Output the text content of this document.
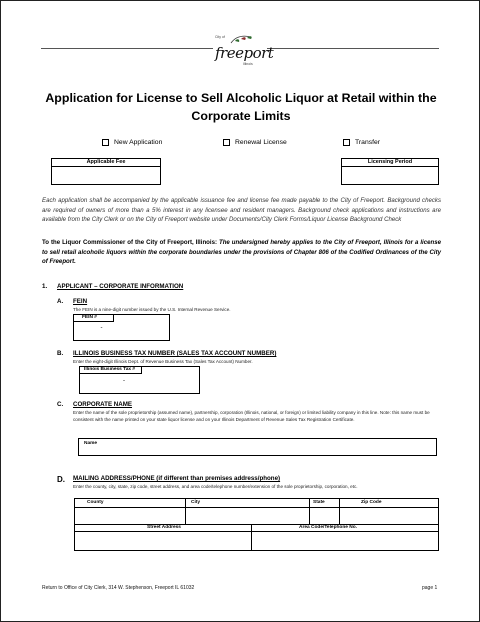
City of
freeport
Illinois
Application for License to Sell Alcoholic Liquor at Retail within the
Corporate Limits
New Application	Renewal License	Transfer
Applicable Fee	Licensing Period
Each application shall be accompanied by the applicable issuance fee and license fee made payable to the City of Freeport. Background checks are required of owners of more than a 5% interest in any licensee and resident managers. Background check applications and instructions are available from the City Clerk or on the City of Freeport website under Documents/City Clerk Forms/Liquor License Background Check
To the Liquor Commissioner of the City of Freeport, Illinois: The undersigned hereby applies to the City of Freeport, Illinois for a license to sell retail alcoholic liquors within the corporate boundaries under the provisions of Chapter 806 of the Codified Ordinances of the City of Freeport.
1. APPLICANT – CORPORATE INFORMATION
A. FEIN
The FEIN is a nine-digit number issued by the U.S. Internal Revenue Service.
FEIN #
-
B. ILLINOIS BUSINESS TAX NUMBER (SALES TAX ACCOUNT NUMBER)
Enter the eight-digit Illinois Dept. of Revenue Business Tax (Sales Tax Account) Number.
Illinois Business Tax #
-
C. CORPORATE NAME
Enter the name of the sole proprietorship (assumed name), partnership, corporation (Illinois, national, or foreign) or limited liability company in this line. Note: this name must be consistent with the name printed on your state liquor license and on your Illinois Department of Revenue Sales Tax Registration Certificate.
Name
D. MAILING ADDRESS/PHONE (if different than premises address/phone)
Enter the county, city, state, zip code, street address, and area code/telephone number/extension of the sole proprietorship, corporation, etc.
County	City	State	Zip Code
Street Address	Area Code/Telephone No.
Return to Office of City Clerk, 314 W. Stephenson, Freeport IL 61032	page 1
